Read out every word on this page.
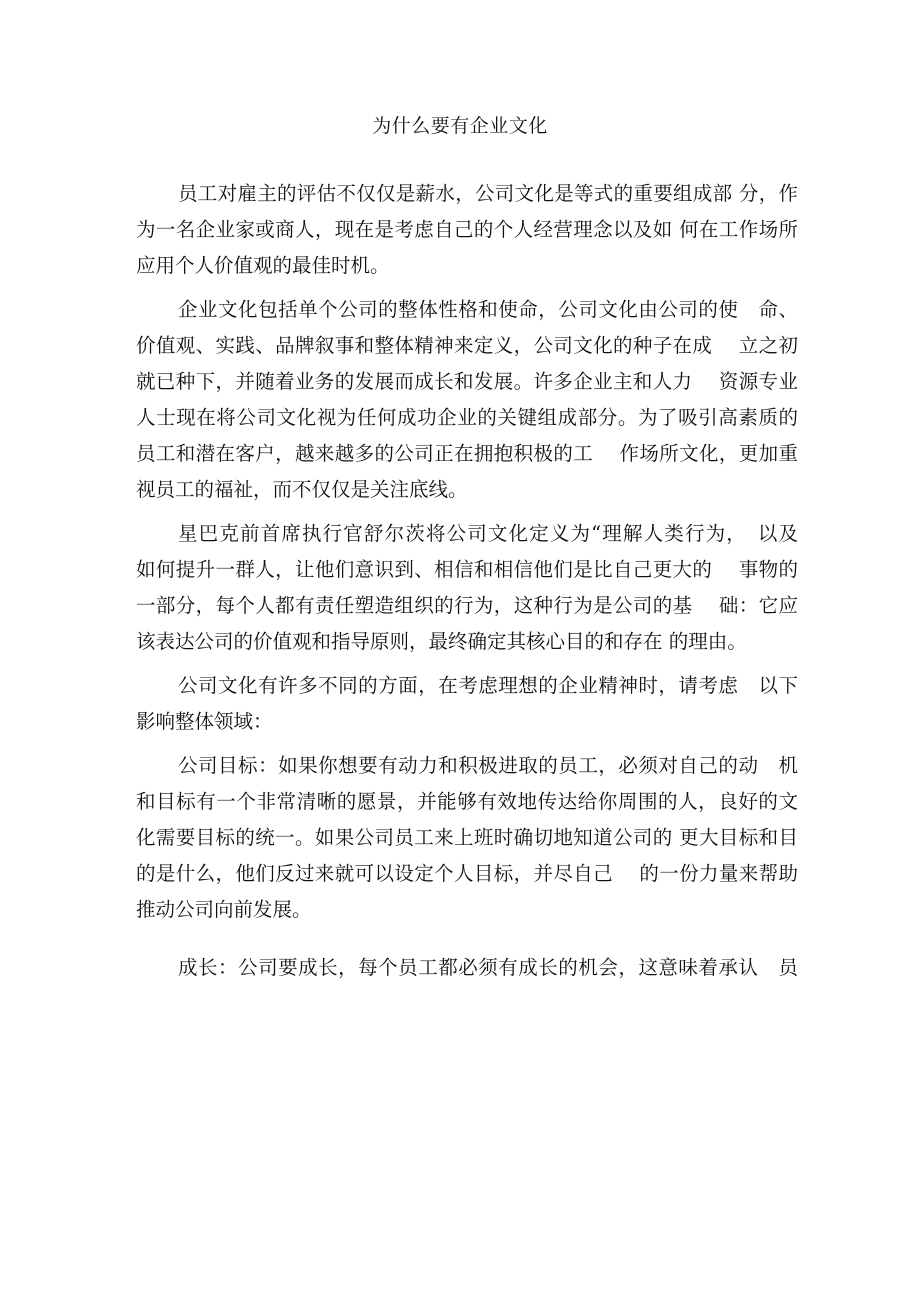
为什么要有企业文化
员工对雇主的评估不仅仅是薪水，公司文化是等式的重要组成部 分，作
为一名企业家或商人，现在是考虑自己的个人经营理念以及如 何在工作场所
应用个人价值观的最佳时机。
企业文化包括单个公司的整体性格和使命，公司文化由公司的使　命、
价值观、实践、品牌叙事和整体精神来定义，公司文化的种子在成　 立之初
就已种下，并随着业务的发展而成长和发展。许多企业主和人力　 资源专业
人士现在将公司文化视为任何成功企业的关键组成部分。为了吸引高素质的
员工和潜在客户，越来越多的公司正在拥抱积极的工　 作场所文化，更加重
视员工的福祉，而不仅仅是关注底线。
星巴克前首席执行官舒尔茨将公司文化定义为“理解人类行为，　以及
如何提升一群人，让他们意识到、相信和相信他们是比自己更大的　 事物的
一部分，每个人都有责任塑造组织的行为，这种行为是公司的基　 础：它应
该表达公司的价值观和指导原则，最终确定其核心目的和存在 的理由。
公司文化有许多不同的方面，在考虑理想的企业精神时，请考虑　以下
影响整体领域：
公司目标：如果你想要有动力和积极进取的员工，必须对自己的动　机
和目标有一个非常清晰的愿景，并能够有效地传达给你周围的人，良好的文
化需要目标的统一。如果公司员工来上班时确切地知道公司的 更大目标和目
的是什么，他们反过来就可以设定个人目标，并尽自己　 的一份力量来帮助
推动公司向前发展。
成长：公司要成长，每个员工都必须有成长的机会，这意味着承认　员
